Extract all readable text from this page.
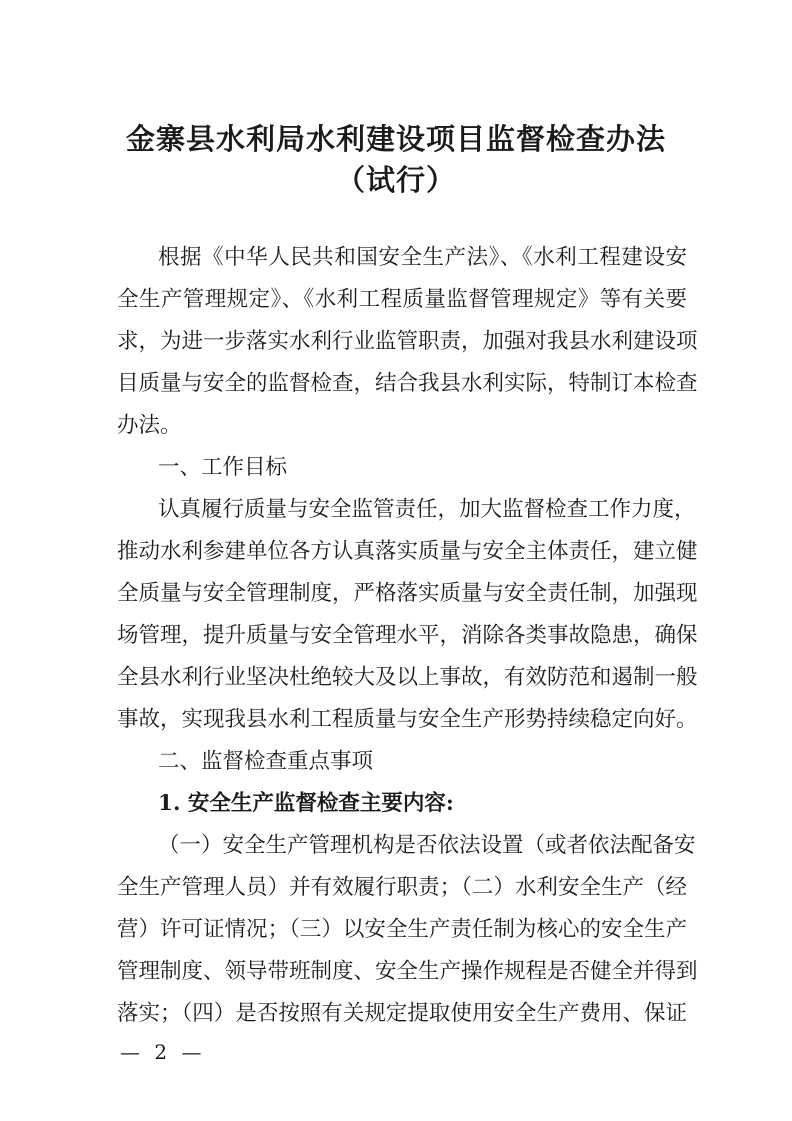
金寨县水利局水利建设项目监督检查办法
（试行）
根据《中华人民共和国安全生产法》、《水利工程建设安
全生产管理规定》、《水利工程质量监督管理规定》等有关要
求，为进一步落实水利行业监管职责，加强对我县水利建设项
目质量与安全的监督检查，结合我县水利实际，特制订本检查
办法。
一、工作目标
认真履行质量与安全监管责任，加大监督检查工作力度，
推动水利参建单位各方认真落实质量与安全主体责任，建立健
全质量与安全管理制度，严格落实质量与安全责任制，加强现
场管理，提升质量与安全管理水平，消除各类事故隐患，确保
全县水利行业坚决杜绝较大及以上事故，有效防范和遏制一般
事故，实现我县水利工程质量与安全生产形势持续稳定向好。
二、监督检查重点事项
1. 安全生产监督检查主要内容:
（一）安全生产管理机构是否依法设置（或者依法配备安
全生产管理人员）并有效履行职责；（二）水利安全生产（经
营）许可证情况；（三）以安全生产责任制为核心的安全生产
管理制度、领导带班制度、安全生产操作规程是否健全并得到
落实；（四）是否按照有关规定提取使用安全生产费用、保证
— 2 —
